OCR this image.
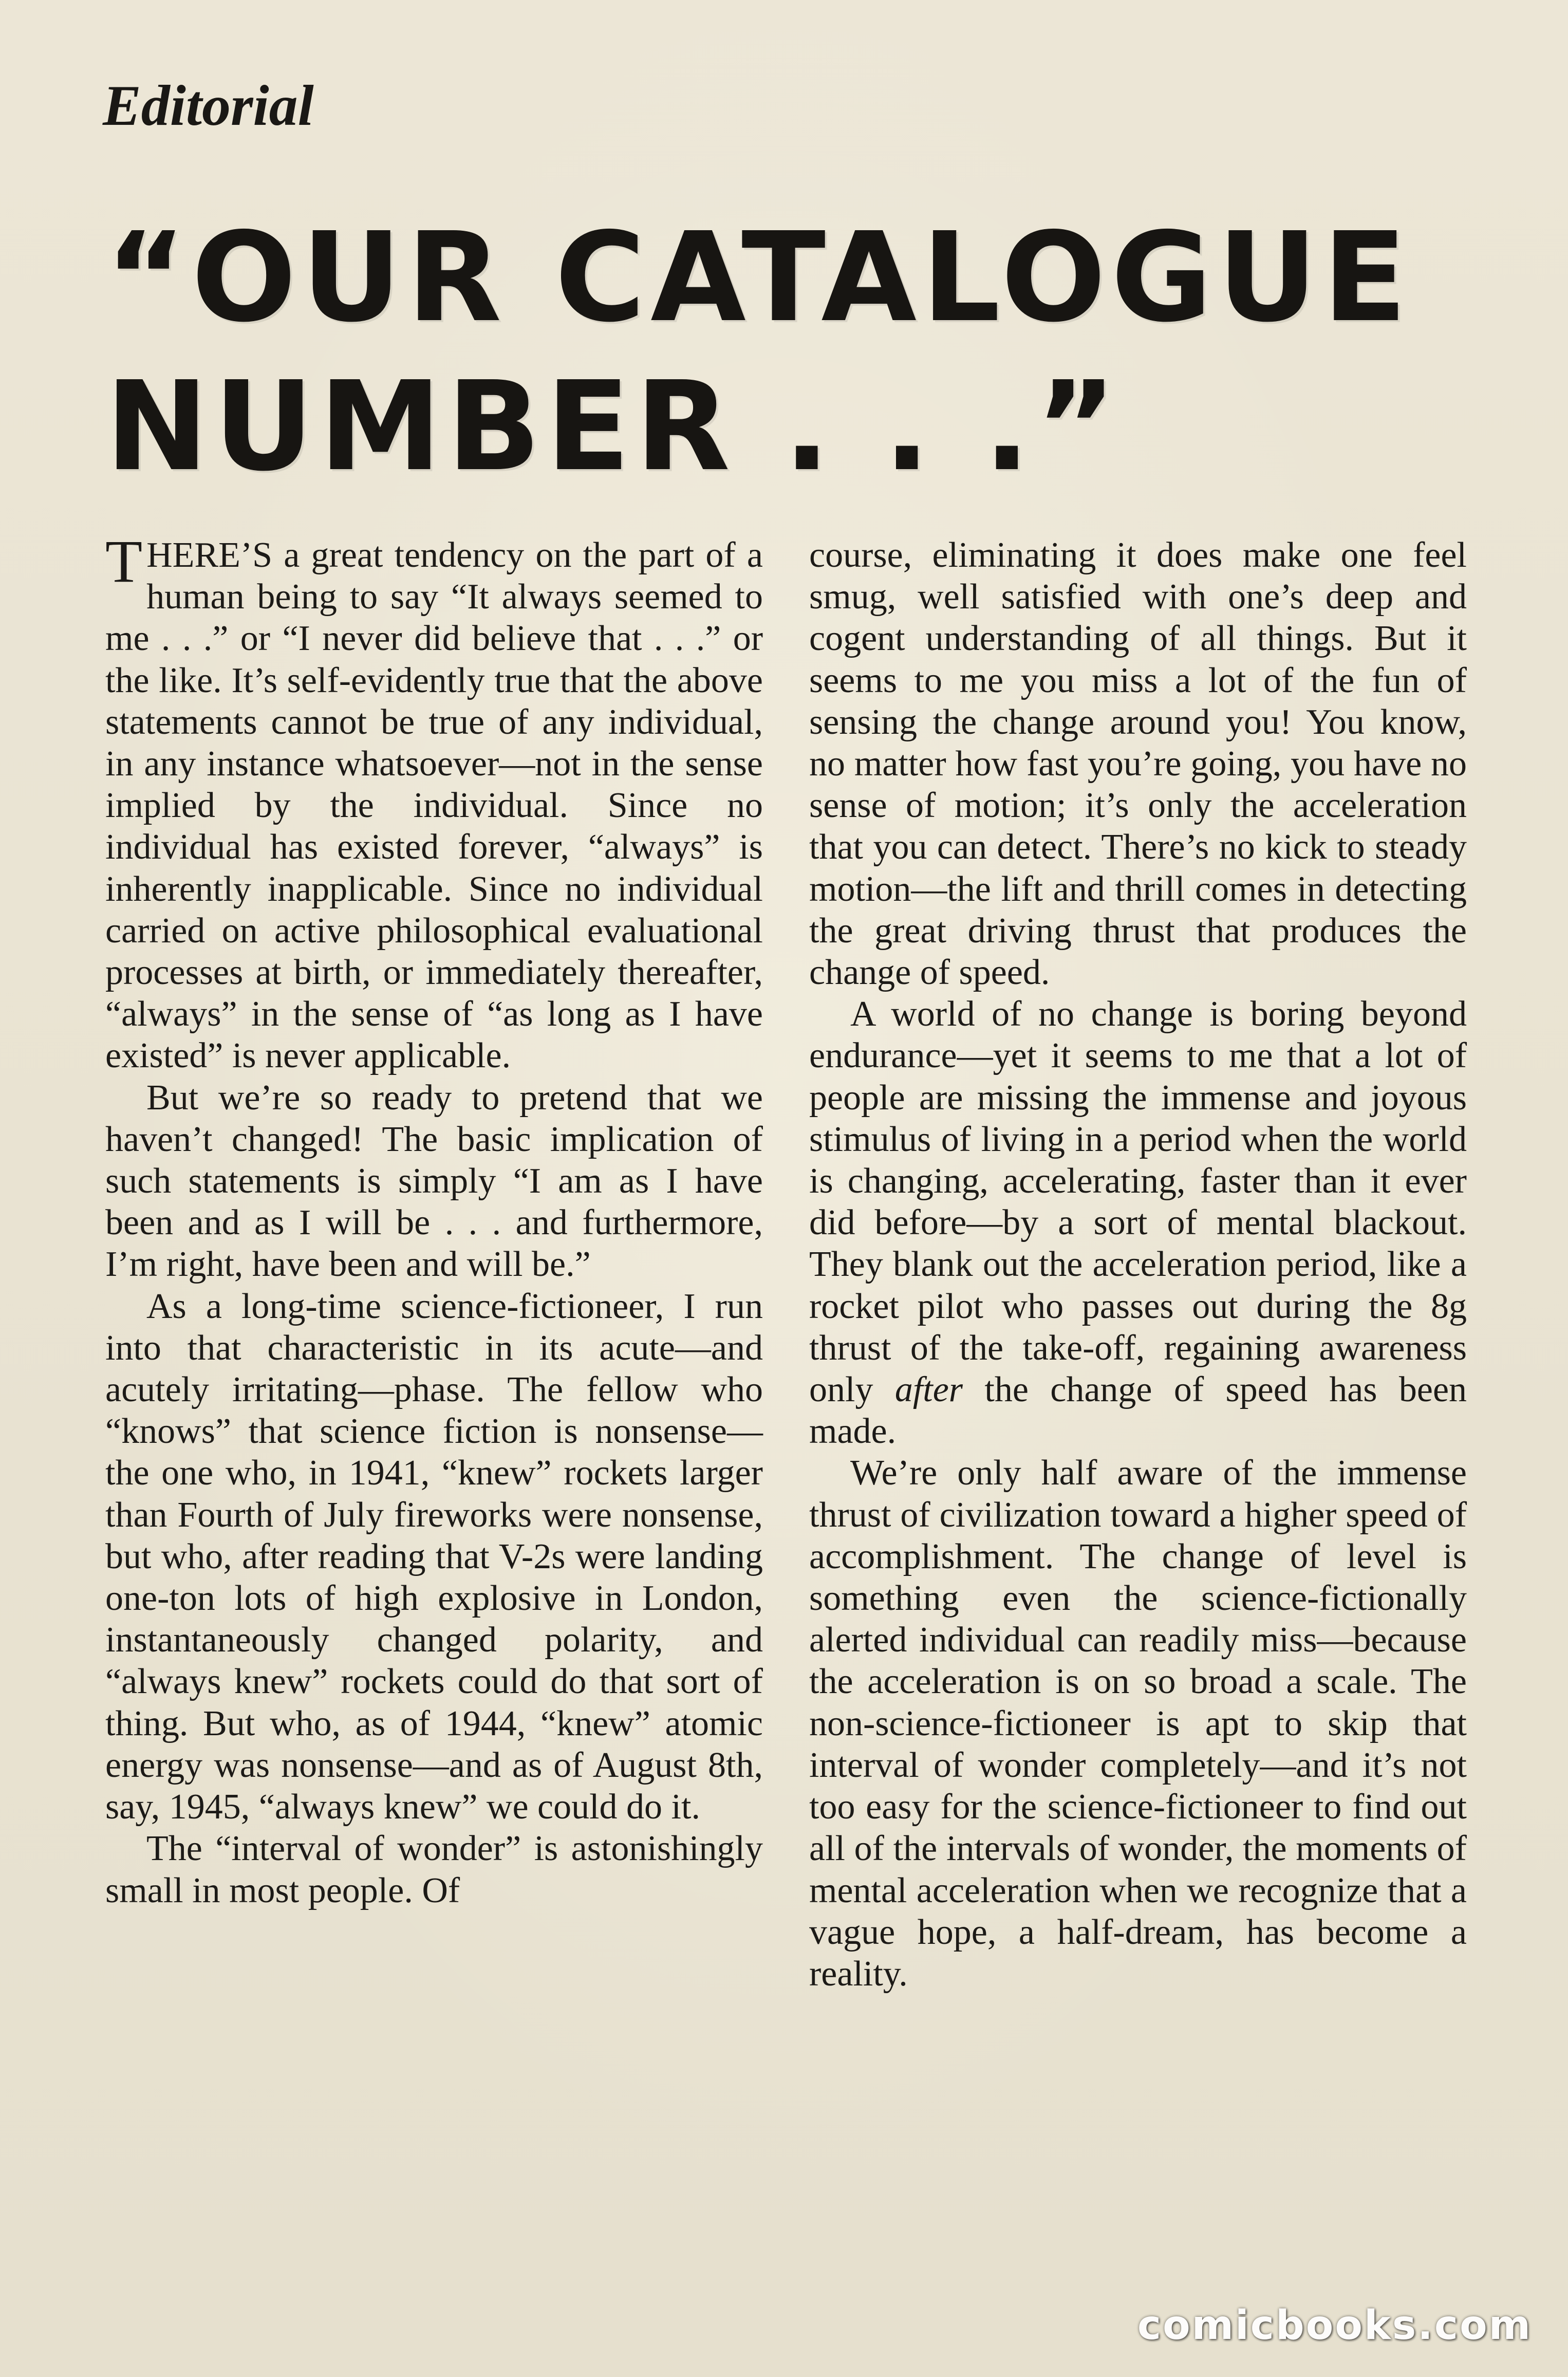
Editorial
“OUR CATALOGUE
NUMBER . . .”

THERE’S a great tendency on the part of a human being to say “It always seemed to me . . .” or “I never did believe that . . .” or the like. It’s self-evidently true that the above statements cannot be true of any individual, in any instance whatsoever—not in the sense implied by the individual. Since no individual has existed forever, “always” is inherently inapplicable. Since no individual carried on active philosophical evaluational processes at birth, or immediately thereafter, “always” in the sense of “as long as I have existed” is never applicable.

But we’re so ready to pretend that we haven’t changed! The basic implication of such statements is simply “I am as I have been and as I will be . . . and furthermore, I’m right, have been and will be.”

As a long-time science-fictioneer, I run into that characteristic in its acute—and acutely irritating—phase. The fellow who “knows” that science fiction is nonsense—the one who, in 1941, “knew” rockets larger than Fourth of July fireworks were nonsense, but who, after reading that V-2s were landing one-ton lots of high explosive in London, instantaneously changed polarity, and “always knew” rockets could do that sort of thing. But who, as of 1944, “knew” atomic energy was nonsense—and as of August 8th, say, 1945, “always knew” we could do it.

The “interval of wonder” is astonishingly small in most people. Of

course, eliminating it does make one feel smug, well satisfied with one’s deep and cogent understanding of all things. But it seems to me you miss a lot of the fun of sensing the change around you! You know, no matter how fast you’re going, you have no sense of motion; it’s only the acceleration that you can detect. There’s no kick to steady motion—the lift and thrill comes in detecting the great driving thrust that produces the change of speed.

A world of no change is boring beyond endurance—yet it seems to me that a lot of people are missing the immense and joyous stimulus of living in a period when the world is changing, accelerating, faster than it ever did before—by a sort of mental blackout. They blank out the acceleration period, like a rocket pilot who passes out during the 8g thrust of the take-off, regaining awareness only after the change of speed has been made.

We’re only half aware of the immense thrust of civilization toward a higher speed of accomplishment. The change of level is something even the science-fictionally alerted individual can readily miss—because the acceleration is on so broad a scale. The non-science-fictioneer is apt to skip that interval of wonder completely—and it’s not too easy for the science-fictioneer to find out all of the intervals of wonder, the moments of mental acceleration when we recognize that a vague hope, a half-dream, has become a reality.

comicbooks.com
